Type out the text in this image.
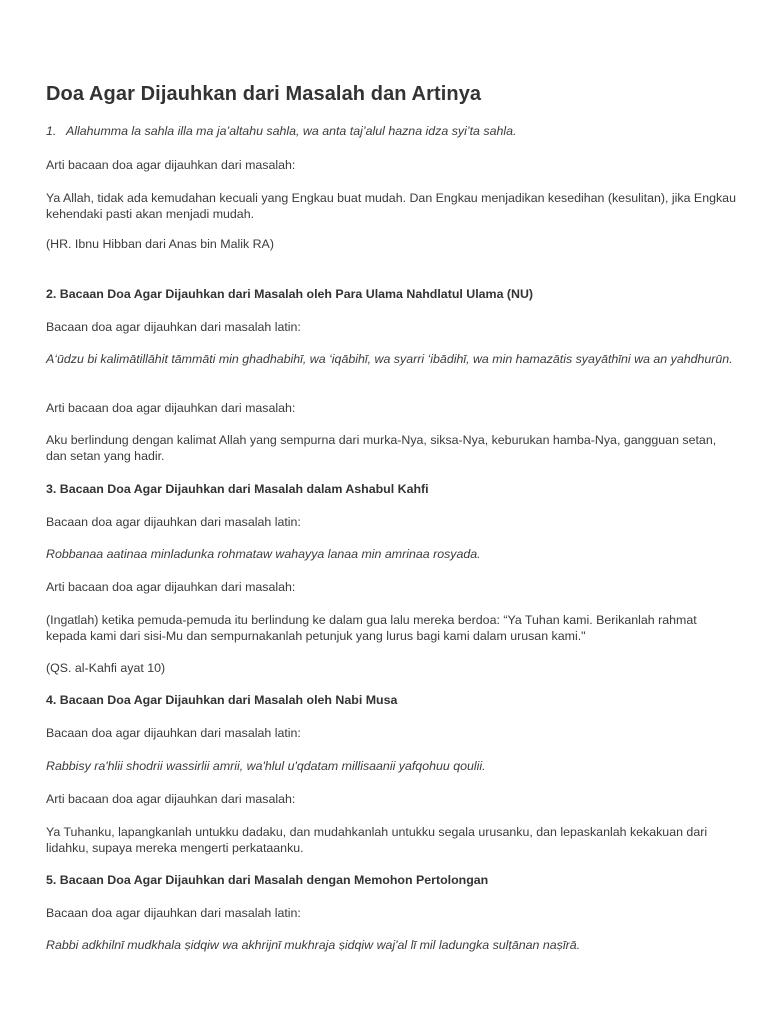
Doa Agar Dijauhkan dari Masalah dan Artinya
1. Allahumma la sahla illa ma ja’altahu sahla, wa anta taj’alul hazna idza syi’ta sahla.

Arti bacaan doa agar dijauhkan dari masalah:

Ya Allah, tidak ada kemudahan kecuali yang Engkau buat mudah. Dan Engkau menjadikan kesedihan (kesulitan), jika Engkau kehendaki pasti akan menjadi mudah.

(HR. Ibnu Hibban dari Anas bin Malik RA)

2. Bacaan Doa Agar Dijauhkan dari Masalah oleh Para Ulama Nahdlatul Ulama (NU)

Bacaan doa agar dijauhkan dari masalah latin:

A‘ūdzu bi kalimātillāhit tāmmāti min ghadhabihī, wa ‘iqābihī, wa syarri ‘ibādihī, wa min hamazātis syayāthīni wa an yahdhurūn.

Arti bacaan doa agar dijauhkan dari masalah:

Aku berlindung dengan kalimat Allah yang sempurna dari murka-Nya, siksa-Nya, keburukan hamba-Nya, gangguan setan, dan setan yang hadir.

3. Bacaan Doa Agar Dijauhkan dari Masalah dalam Ashabul Kahfi

Bacaan doa agar dijauhkan dari masalah latin:

Robbanaa aatinaa minladunka rohmataw wahayya lanaa min amrinaa rosyada.

Arti bacaan doa agar dijauhkan dari masalah:

(Ingatlah) ketika pemuda-pemuda itu berlindung ke dalam gua lalu mereka berdoa: “Ya Tuhan kami. Berikanlah rahmat kepada kami dari sisi-Mu dan sempurnakanlah petunjuk yang lurus bagi kami dalam urusan kami."

(QS. al-Kahfi ayat 10)

4. Bacaan Doa Agar Dijauhkan dari Masalah oleh Nabi Musa

Bacaan doa agar dijauhkan dari masalah latin:

Rabbisy ra'hlii shodrii wassirlii amrii, wa'hlul u'qdatam millisaanii yafqohuu qoulii.

Arti bacaan doa agar dijauhkan dari masalah:

Ya Tuhanku, lapangkanlah untukku dadaku, dan mudahkanlah untukku segala urusanku, dan lepaskanlah kekakuan dari lidahku, supaya mereka mengerti perkataanku.

5. Bacaan Doa Agar Dijauhkan dari Masalah dengan Memohon Pertolongan

Bacaan doa agar dijauhkan dari masalah latin:

Rabbi adkhilnī mudkhala ṣidqiw wa akhrijnī mukhraja ṣidqiw waj'al lī mil ladungka sulṭānan naṣīrā.
